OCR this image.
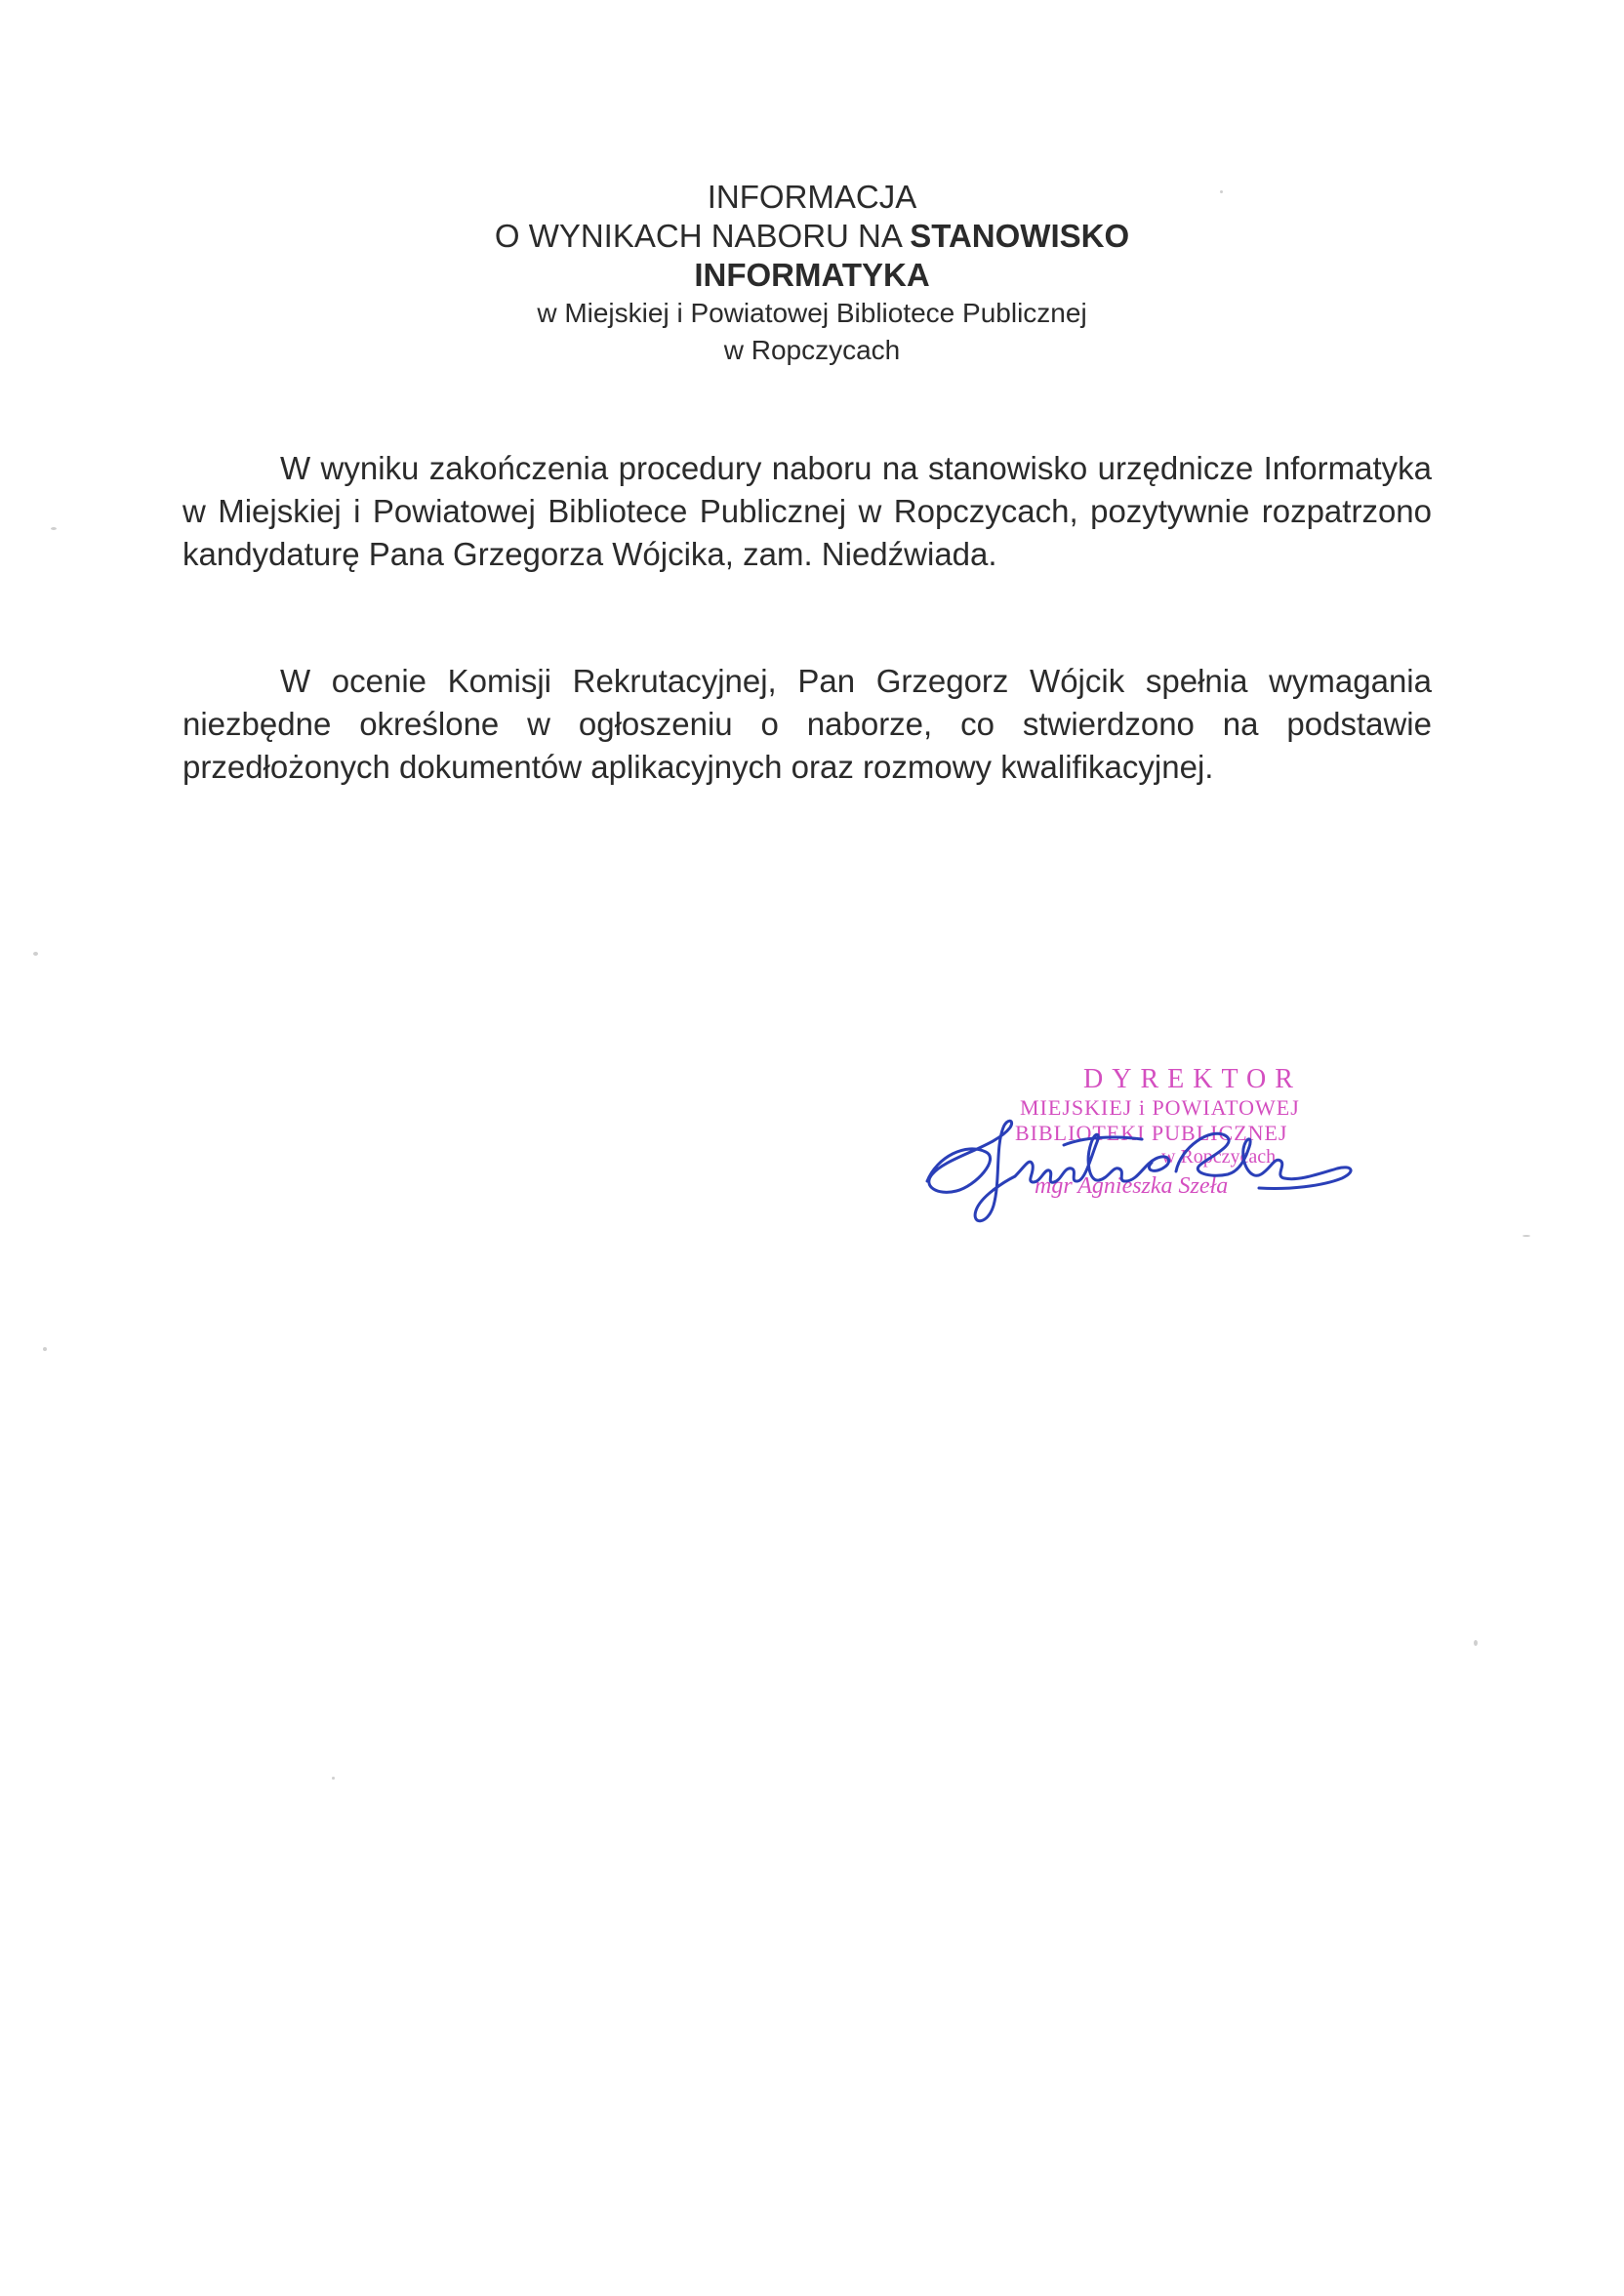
INFORMACJA
O WYNIKACH NABORU NA STANOWISKO
INFORMATYKA
w Miejskiej i Powiatowej Bibliotece Publicznej
w Ropczycach

W wyniku zakończenia procedury naboru na stanowisko urzędnicze Informatyka w Miejskiej i Powiatowej Bibliotece Publicznej w Ropczycach, pozytywnie rozpatrzono kandydaturę Pana Grzegorza Wójcika, zam. Niedźwiada.

W ocenie Komisji Rekrutacyjnej, Pan Grzegorz Wójcik spełnia wymagania niezbędne określone w ogłoszeniu o naborze, co stwierdzono na podstawie przedłożonych dokumentów aplikacyjnych oraz rozmowy kwalifikacyjnej.

DYREKTOR
MIEJSKIEJ i POWIATOWEJ
BIBLIOTEKI PUBLICZNEJ
w Ropczycach
mgr Agnieszka Szeła
